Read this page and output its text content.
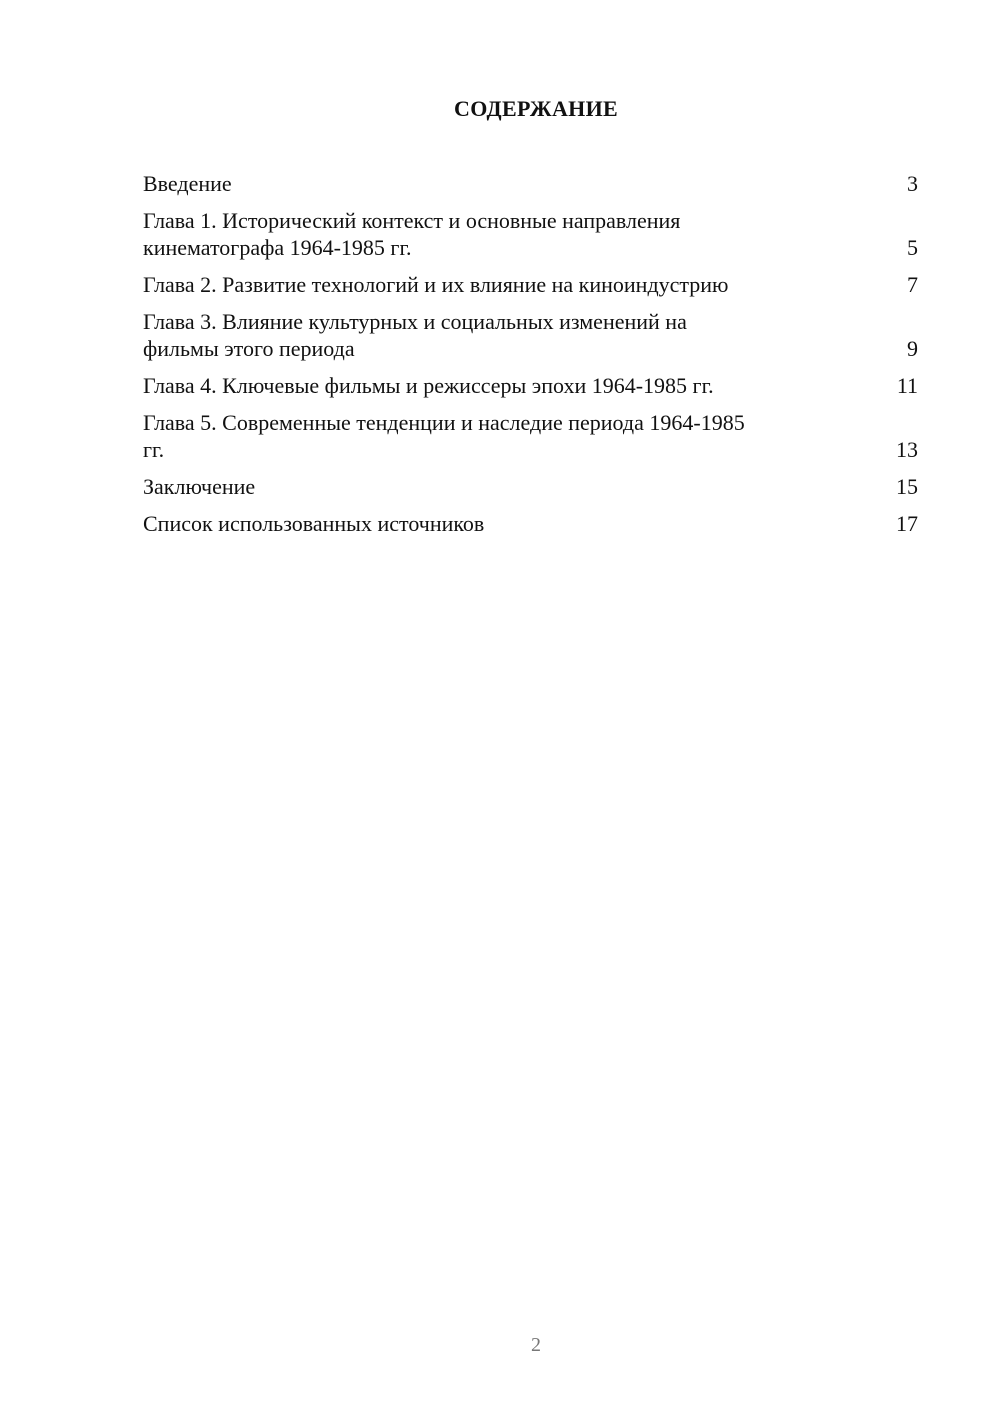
СОДЕРЖАНИЕ
Введение	3
Глава 1. Исторический контекст и основные направления
кинематографа 1964-1985 гг.	5
Глава 2. Развитие технологий и их влияние на киноиндустрию	7
Глава 3. Влияние культурных и социальных изменений на
фильмы этого периода	9
Глава 4. Ключевые фильмы и режиссеры эпохи 1964-1985 гг.	11
Глава 5. Современные тенденции и наследие периода 1964-1985
гг.	13
Заключение	15
Список использованных источников	17
2
